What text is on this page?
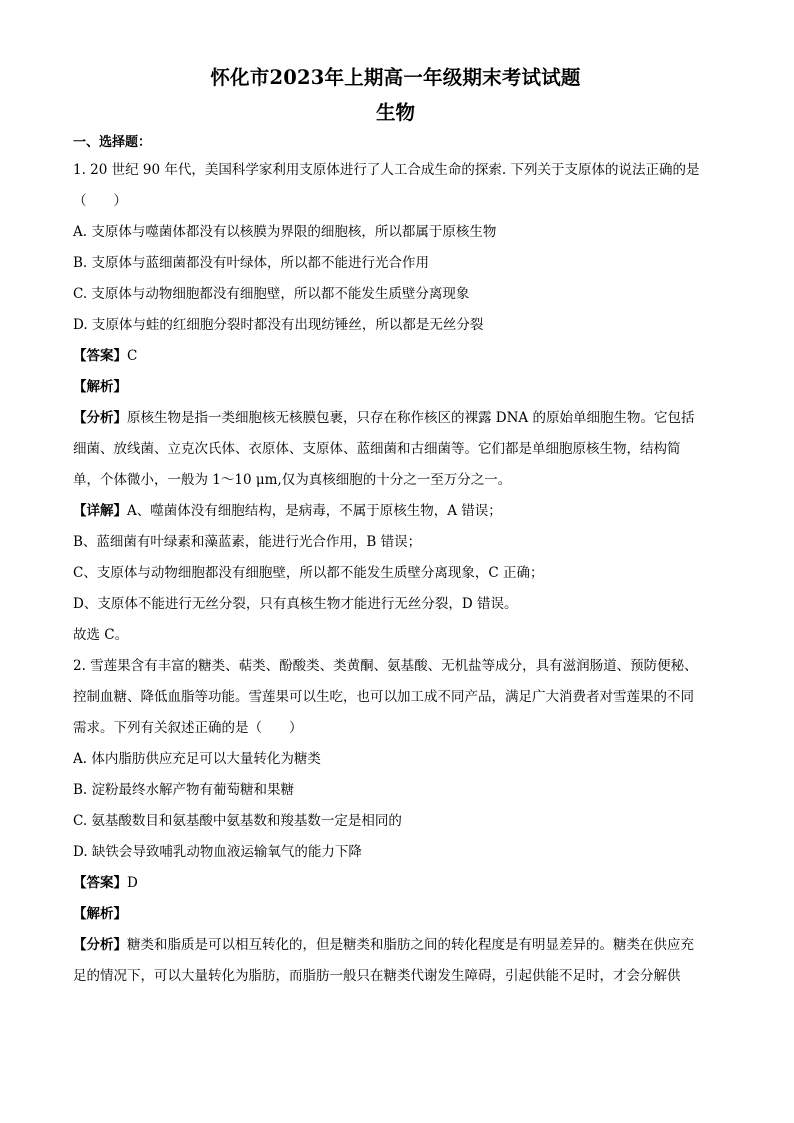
怀化市2023年上期高一年级期末考试试题
生物
一、选择题：
1. 20 世纪 90 年代，美国科学家利用支原体进行了人工合成生命的探索. 下列关于支原体的说法正确的是
（　　）
A. 支原体与噬菌体都没有以核膜为界限的细胞核，所以都属于原核生物
B. 支原体与蓝细菌都没有叶绿体，所以都不能进行光合作用
C. 支原体与动物细胞都没有细胞壁，所以都不能发生质壁分离现象
D. 支原体与蛙的红细胞分裂时都没有出现纺锤丝，所以都是无丝分裂
【答案】C
【解析】
【分析】原核生物是指一类细胞核无核膜包裹，只存在称作核区的裸露 DNA 的原始单细胞生物。它包括
细菌、放线菌、立克次氏体、衣原体、支原体、蓝细菌和古细菌等。它们都是单细胞原核生物，结构简
单，个体微小，一般为 1～10 μm,仅为真核细胞的十分之一至万分之一。
【详解】A、噬菌体没有细胞结构，是病毒，不属于原核生物，A 错误；
B、蓝细菌有叶绿素和藻蓝素，能进行光合作用，B 错误；
C、支原体与动物细胞都没有细胞壁，所以都不能发生质壁分离现象，C 正确；
D、支原体不能进行无丝分裂，只有真核生物才能进行无丝分裂，D 错误。
故选 C。
2. 雪莲果含有丰富的糖类、萜类、酚酸类、类黄酮、氨基酸、无机盐等成分，具有滋润肠道、预防便秘、
控制血糖、降低血脂等功能。雪莲果可以生吃，也可以加工成不同产品，满足广大消费者对雪莲果的不同
需求。下列有关叙述正确的是（　　）
A. 体内脂肪供应充足可以大量转化为糖类
B. 淀粉最终水解产物有葡萄糖和果糖
C. 氨基酸数目和氨基酸中氨基数和羧基数一定是相同的
D. 缺铁会导致哺乳动物血液运输氧气的能力下降
【答案】D
【解析】
【分析】糖类和脂质是可以相互转化的，但是糖类和脂肪之间的转化程度是有明显差异的。糖类在供应充
足的情况下，可以大量转化为脂肪，而脂肪一般只在糖类代谢发生障碍，引起供能不足时，才会分解供
